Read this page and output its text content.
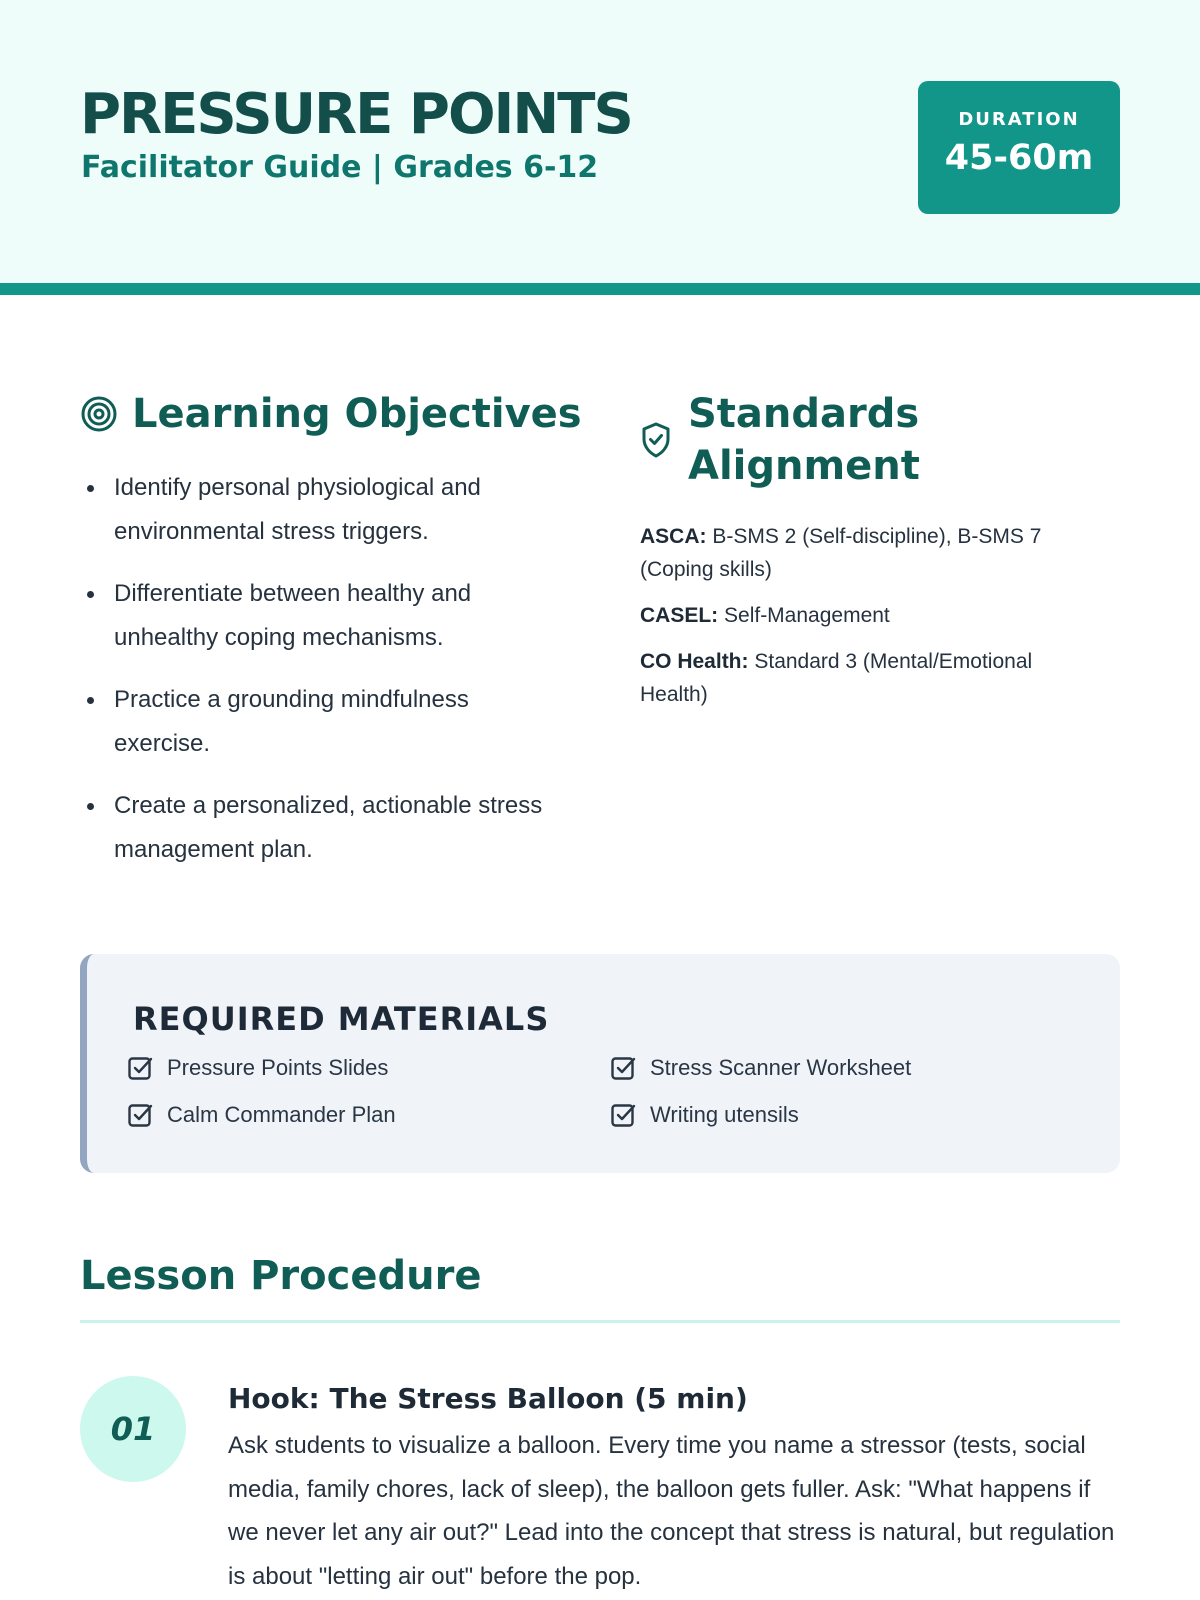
PRESSURE POINTS
Facilitator Guide | Grades 6-12
DURATION
45-60m
Learning Objectives
Identify personal physiological and environmental stress triggers.
Differentiate between healthy and unhealthy coping mechanisms.
Practice a grounding mindfulness exercise.
Create a personalized, actionable stress management plan.
Standards Alignment

ASCA: B-SMS 2 (Self-discipline), B-SMS 7 (Coping skills)

CASEL: Self-Management

CO Health: Standard 3 (Mental/Emotional Health)

REQUIRED MATERIALS
Pressure Points Slides	Stress Scanner Worksheet
Calm Commander Plan	Writing utensils
Lesson Procedure
01
Hook: The Stress Balloon (5 min)
Ask students to visualize a balloon. Every time you name a stressor (tests, social media, family chores, lack of sleep), the balloon gets fuller. Ask: "What happens if we never let any air out?" Lead into the concept that stress is natural, but regulation is about "letting air out" before the pop.
